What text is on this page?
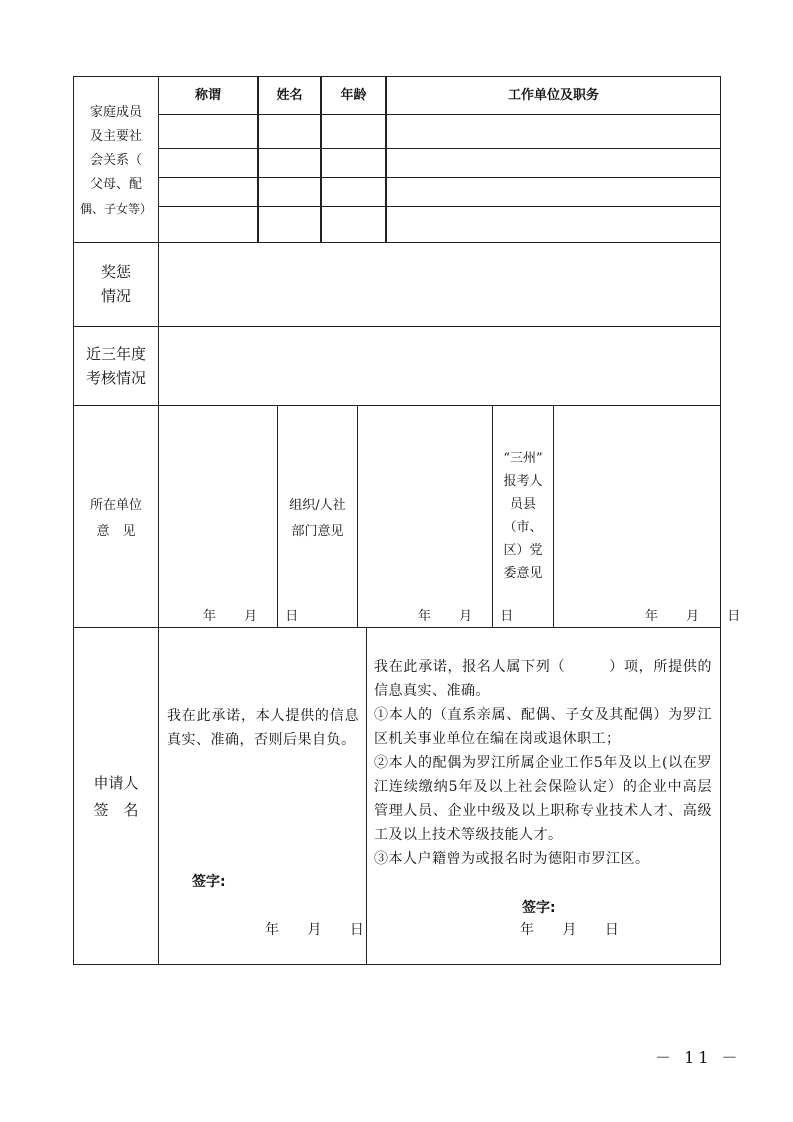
家庭成员
及主要社
会关系（
父母、配
偶、子女等）
称谓	姓名	年龄	工作单位及职务
奖惩
情况
近三年度
考核情况
所在单位
意　见
年 月 日
组织/人社
部门意见
年 月 日
“三州”
报考人
员县
（市、
区）党
委意见
年 月 日
申请人
签　名
我在此承诺，本人提供的信息真实、准确，否则后果自负。
签字:
年 月 日
我在此承诺，报名人属下列（　　　）项，所提供的信息真实、准确。
①本人的（直系亲属、配偶、子女及其配偶）为罗江区机关事业单位在编在岗或退休职工；
②本人的配偶为罗江所属企业工作5年及以上(以在罗江连续缴纳5年及以上社会保险认定）的企业中高层管理人员、企业中级及以上职称专业技术人才、高级工及以上技术等级技能人才。
③本人户籍曾为或报名时为德阳市罗江区。
签字:
年 月 日
－ 11 －
